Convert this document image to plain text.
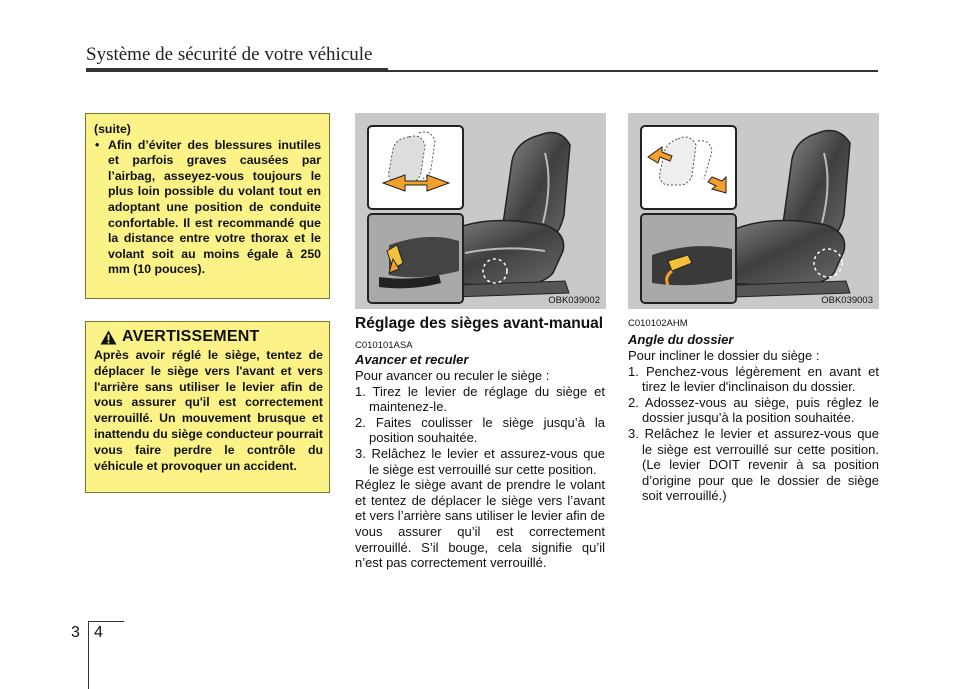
Système de sécurité de votre véhicule
(suite)
• Afin d’éviter des blessures inutiles et parfois graves causées par l’airbag, asseyez-vous toujours le plus loin possible du volant tout en adoptant une position de conduite confortable. Il est recommandé que la distance entre votre thorax et le volant soit au moins égale à 250 mm (10 pouces).
AVERTISSEMENT
Après avoir réglé le siège, tentez de déplacer le siège vers l'avant et vers l'arrière sans utiliser le levier afin de vous assurer qu'il est correctement verrouillé. Un mouvement brusque et inattendu du siège conducteur pourrait vous faire perdre le contrôle du véhicule et provoquer un accident.
OBK039002	OBK039003
Réglage des sièges avant-manual
C010101ASA
Avancer et reculer
Pour avancer ou reculer le siège :
1. Tirez le levier de réglage du siège et maintenez-le.
2. Faites coulisser le siège jusqu’à la position souhaitée.
3. Relâchez le levier et assurez-vous que le siège est verrouillé sur cette position.
Réglez le siège avant de prendre le volant et tentez de déplacer le siège vers l’avant et vers l’arrière sans utiliser le levier afin de vous assurer qu’il est correctement verrouillé. S’il bouge, cela signifie qu’il n’est pas correctement verrouillé.
C010102AHM
Angle du dossier
Pour incliner le dossier du siège :
1. Penchez-vous légèrement en avant et tirez le levier d'inclinaison du dossier.
2. Adossez-vous au siège, puis réglez le dossier jusqu’à la position souhaitée.
3. Relâchez le levier et assurez-vous que le siège est verrouillé sur cette position. (Le levier DOIT revenir à sa position d’origine pour que le dossier de siège soit verrouillé.)
3 4
